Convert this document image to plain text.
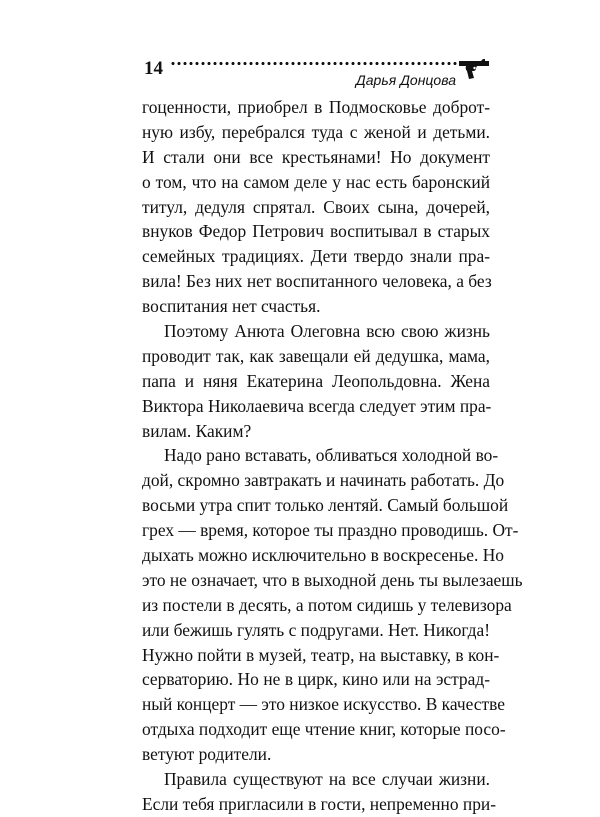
14
Дарья Донцова
гоценности, приобрел в Подмосковье доброт-
ную избу, перебрался туда с женой и детьми.
И стали они все крестьянами! Но документ
о том, что на самом деле у нас есть баронский
титул, дедуля спрятал. Своих сына, дочерей,
внуков Федор Петрович воспитывал в старых
семейных традициях. Дети твердо знали пра-
вила! Без них нет воспитанного человека, а без
воспитания нет счастья.
Поэтому Анюта Олеговна всю свою жизнь
проводит так, как завещали ей дедушка, мама,
папа и няня Екатерина Леопольдовна. Жена
Виктора Николаевича всегда следует этим пра-
вилам. Каким?
Надо рано вставать, обливаться холодной во-
дой, скромно завтракать и начинать работать. До
восьми утра спит только лентяй. Самый большой
грех — время, которое ты праздно проводишь. От-
дыхать можно исключительно в воскресенье. Но
это не означает, что в выходной день ты вылезаешь
из постели в десять, а потом сидишь у телевизора
или бежишь гулять с подругами. Нет. Никогда!
Нужно пойти в музей, театр, на выставку, в кон-
серваторию. Но не в цирк, кино или на эстрад-
ный концерт — это низкое искусство. В качестве
отдыха подходит еще чтение книг, которые посо-
ветуют родители.
Правила существуют на все случаи жизни.
Если тебя пригласили в гости, непременно при-
